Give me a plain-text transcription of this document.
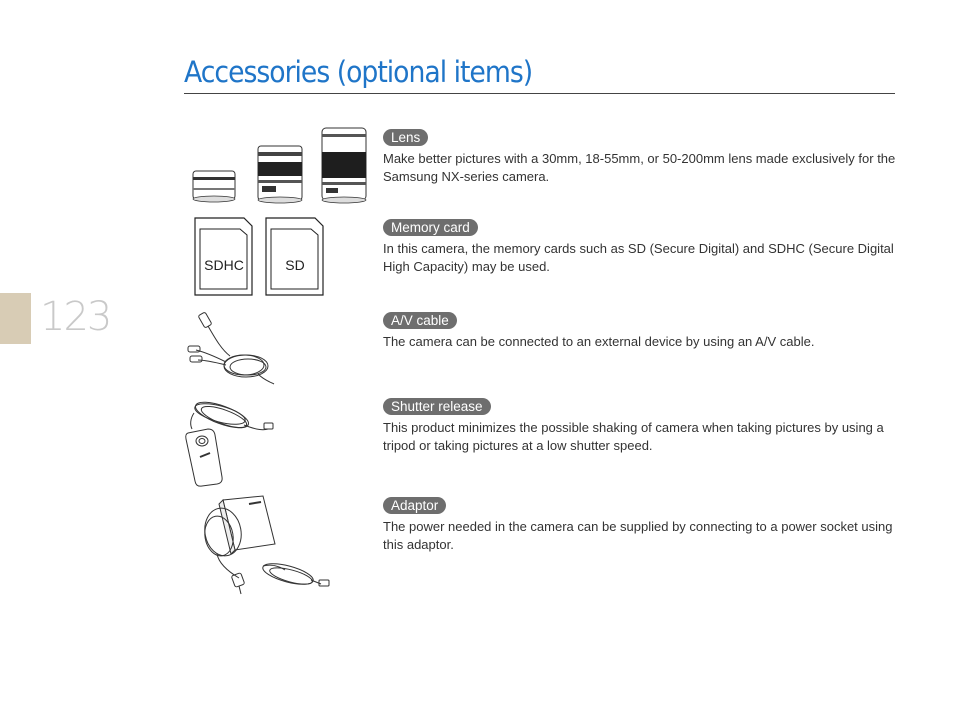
123
Accessories (optional items)
SDHC	SD
Lens

Make better pictures with a 30mm, 18-55mm, or 50-200mm lens made exclusively for the Samsung NX-series camera.

Memory card

In this camera, the memory cards such as SD (Secure Digital) and SDHC (Secure Digital High Capacity) may be used.

A/V cable

The camera can be connected to an external device by using an A/V cable.

Shutter release

This product minimizes the possible shaking of camera when taking pictures by using a tripod or taking pictures at a low shutter speed.

Adaptor

The power needed in the camera can be supplied by connecting to a power socket using this adaptor.
